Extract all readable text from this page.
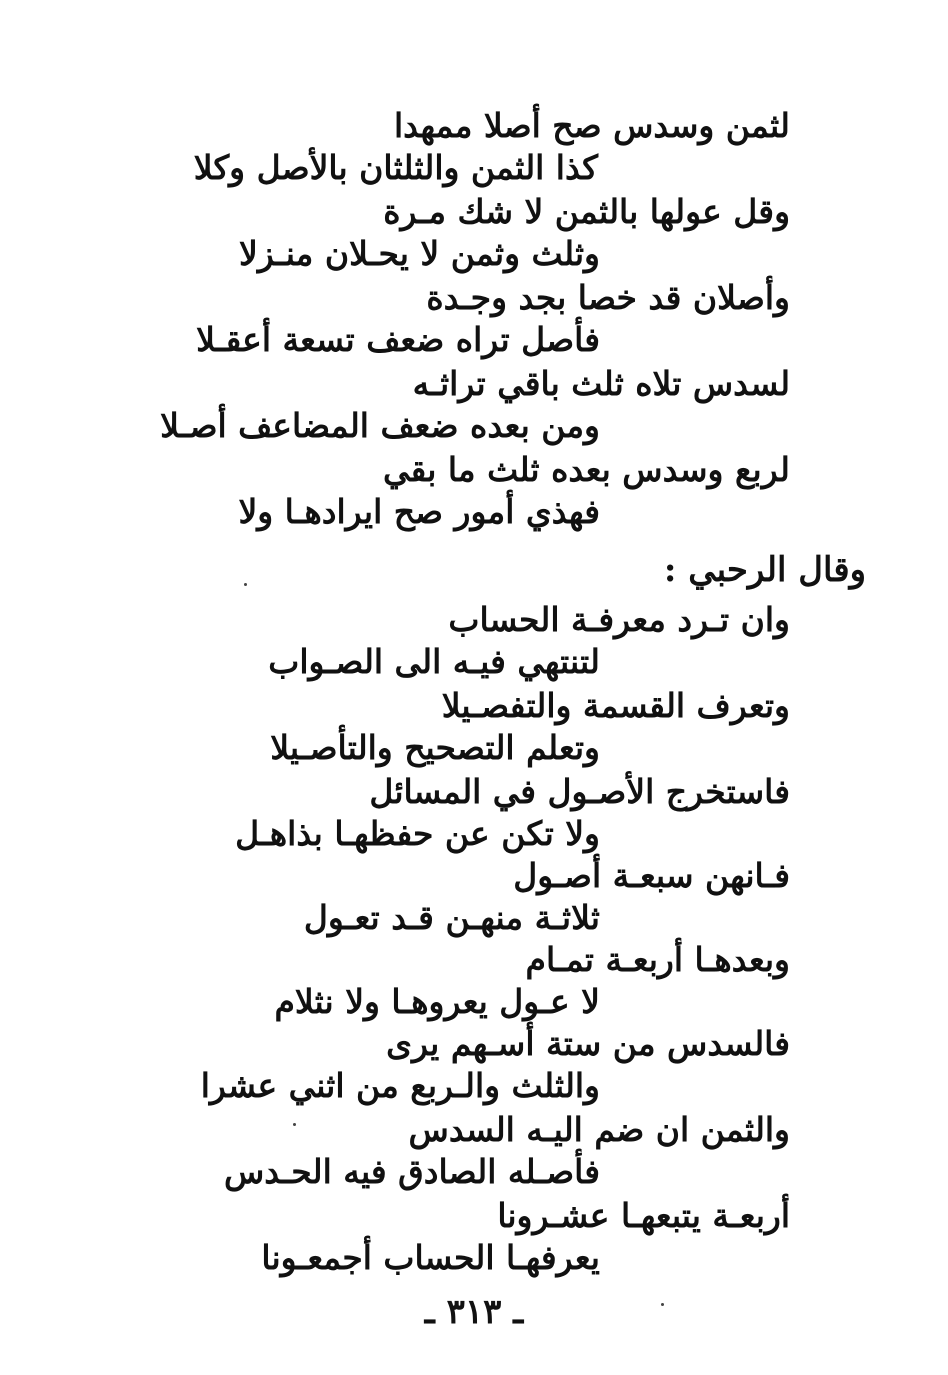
لثمن وسدس صح أصلا ممهدا
كذا الثمن والثلثان بالأصل وكلا
وقل عولها بالثمن لا شك مـرة
وثلث وثمن لا يحـلان منـزلا
وأصلان قد خصا بجد وجـدة
فأصل تراه ضعف تسعة أعقـلا
لسدس تلاه ثلث باقي تراثـه
ومن بعده ضعف المضاعف أصـلا
لربع وسدس بعده ثلث ما بقي
فهذي أمور صح ايرادهـا ولا
وقال الرحبي :
وان تـرد معرفـة الحساب
لتنتهي فيـه الى الصـواب
وتعرف القسمة والتفصـيلا
وتعلم التصحيح والتأصـيلا
فاستخرج الأصـول في المسائل
ولا تكن عن حفظهـا بذاهـل
فـانهن سبعـة أصـول
ثلاثـة منهـن قـد تعـول
وبعدهـا أربعـة تمـام
لا عـول يعروهـا ولا نثلام
فالسدس من ستة أسـهم يرى
والثلث والـربع من اثني عشرا
والثمن ان ضم اليـه السدس
فأصـله الصادق فيه الحـدس
أربعـة يتبعهـا عشـرونا
يعرفهـا الحساب أجمعـونا
ـ ٣١٣ ـ
